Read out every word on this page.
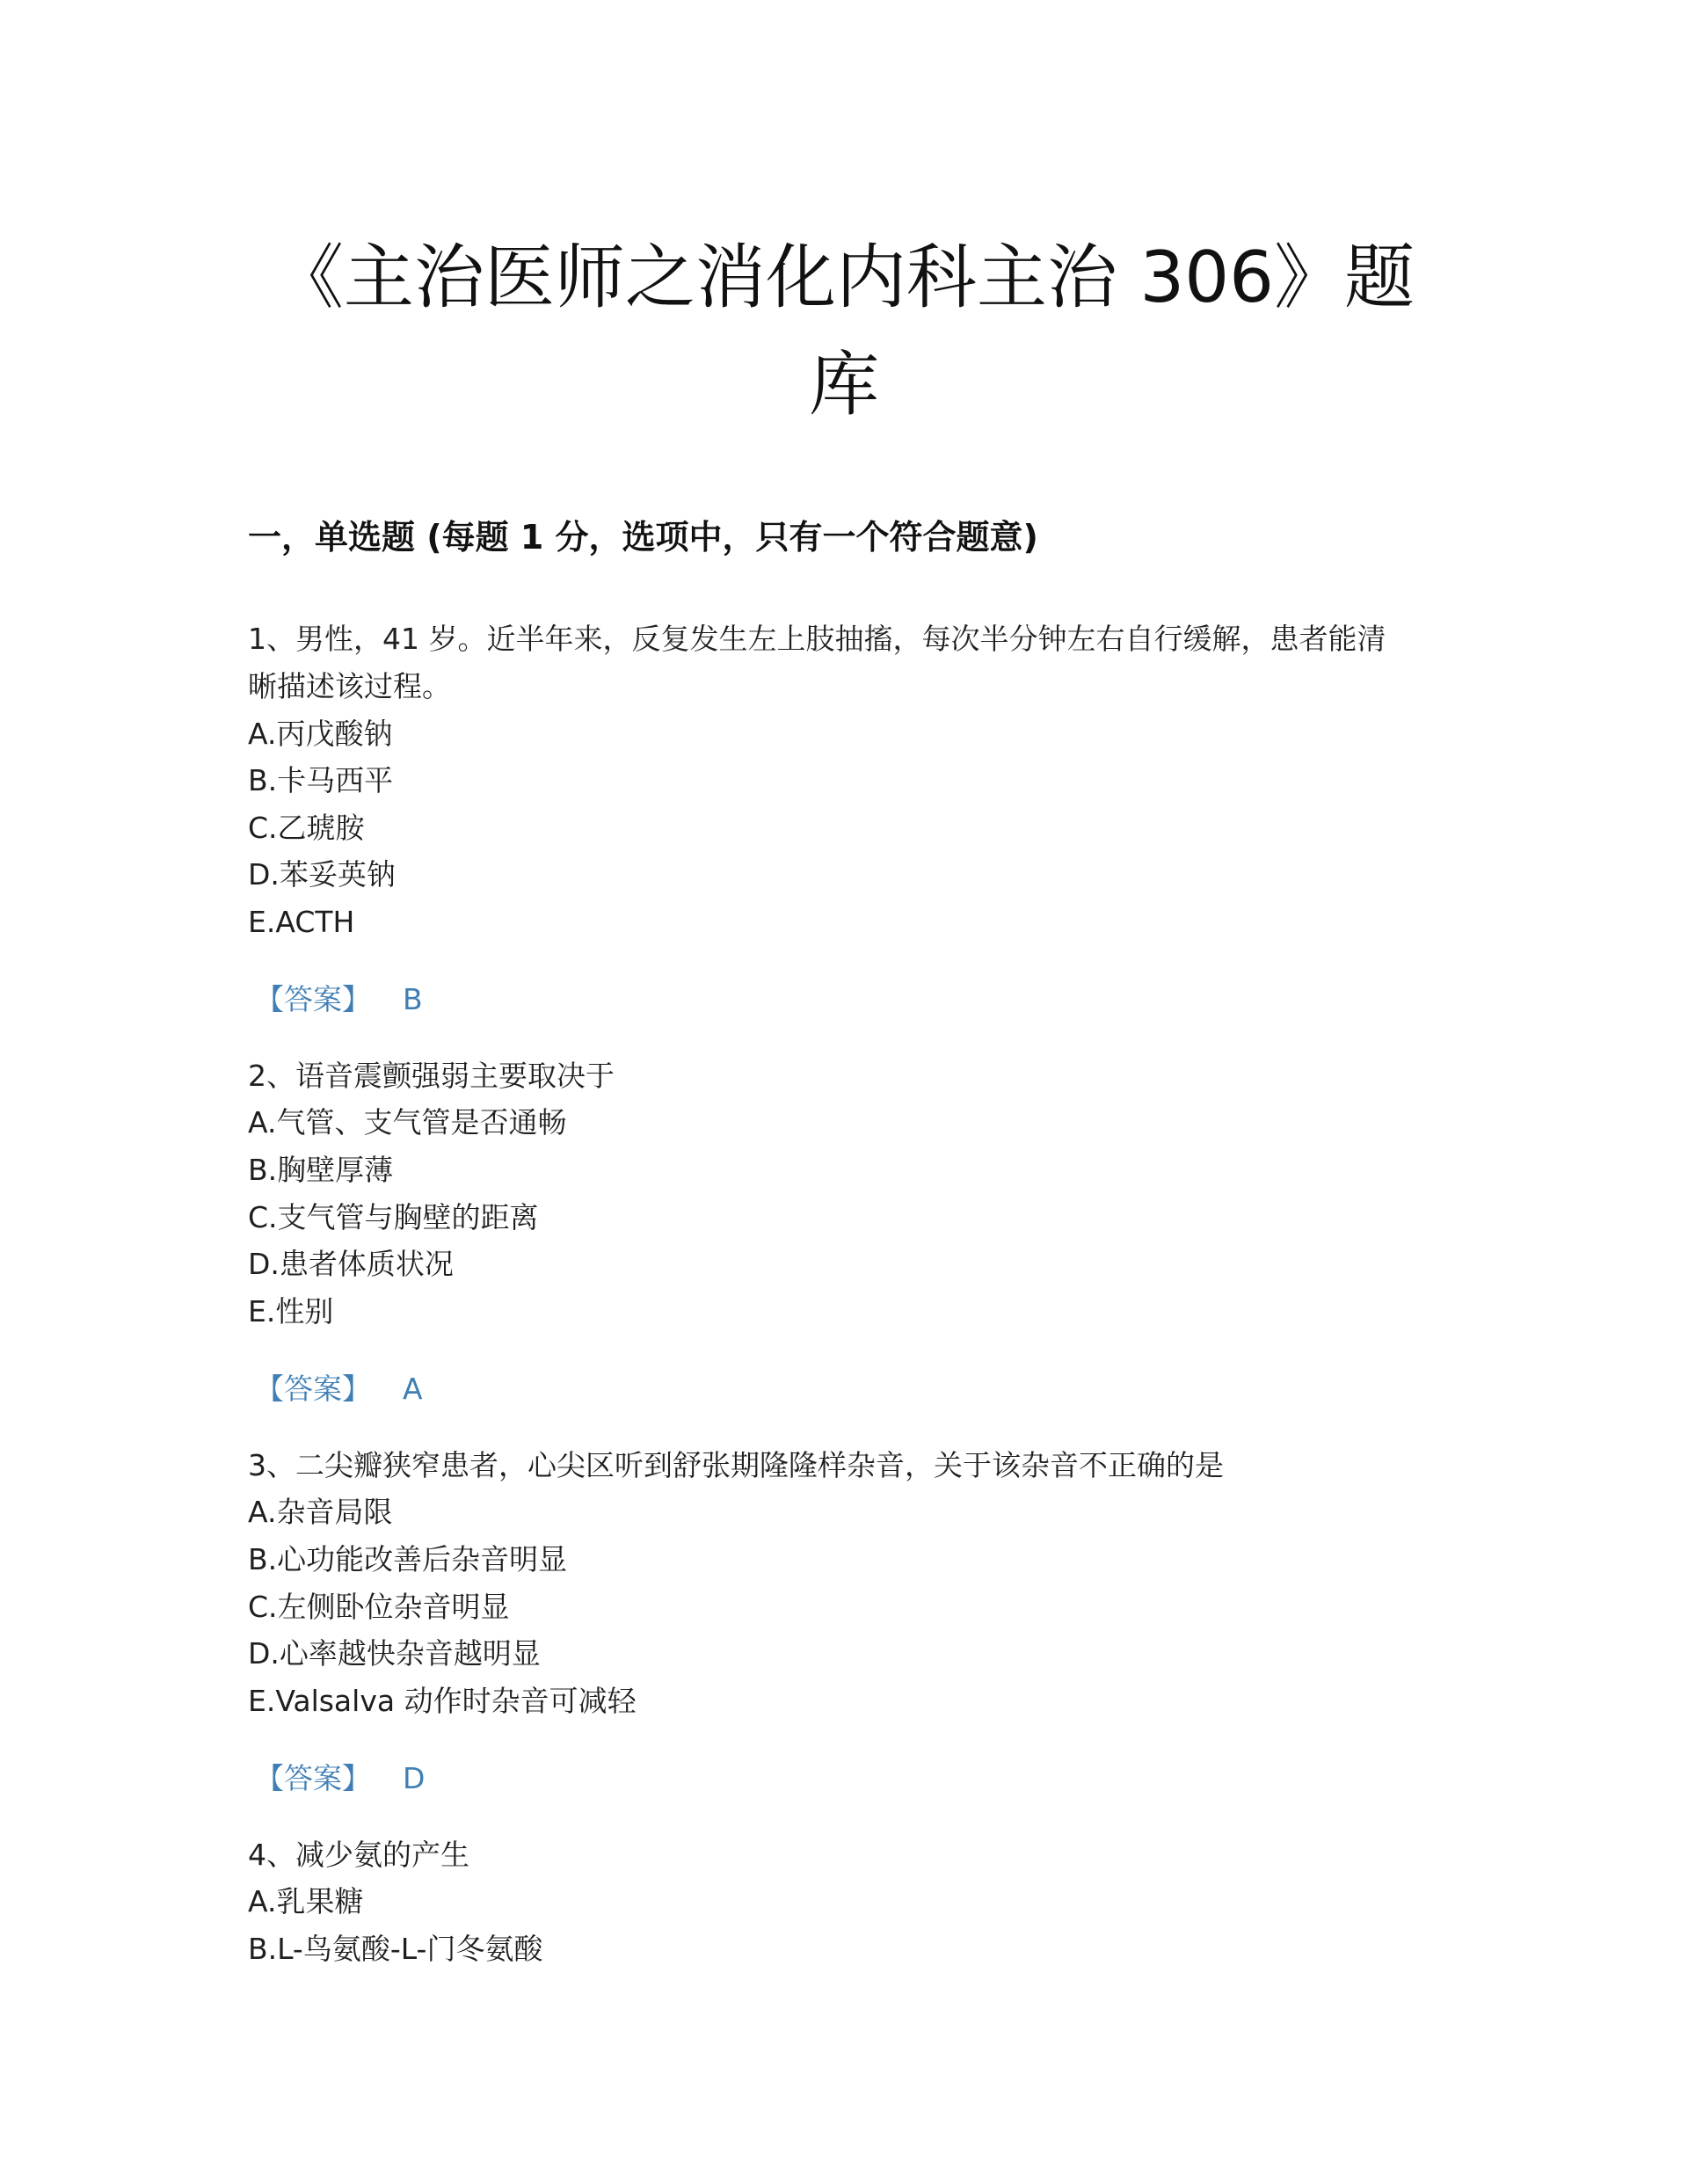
《主治医师之消化内科主治 306》题
库
一，单选题 (每题 1 分，选项中，只有一个符合题意)
1、男性，41 岁。近半年来，反复发生左上肢抽搐，每次半分钟左右自行缓解，患者能清
晰描述该过程。
A.丙戊酸钠
B.卡马西平
C.乙琥胺
D.苯妥英钠
E.ACTH
【答案】 B
2、语音震颤强弱主要取决于
A.气管、支气管是否通畅
B.胸壁厚薄
C.支气管与胸壁的距离
D.患者体质状况
E.性别
【答案】 A
3、二尖瓣狭窄患者，心尖区听到舒张期隆隆样杂音，关于该杂音不正确的是
A.杂音局限
B.心功能改善后杂音明显
C.左侧卧位杂音明显
D.心率越快杂音越明显
E.Valsalva 动作时杂音可减轻
【答案】 D
4、减少氨的产生
A.乳果糖
B.L-鸟氨酸-L-门冬氨酸
